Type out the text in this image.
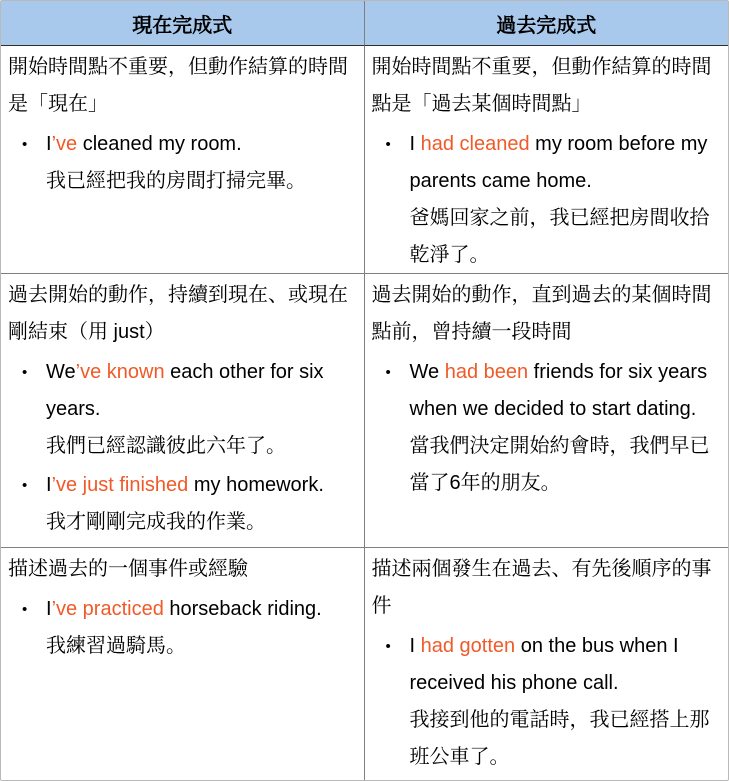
現在完成式	過去完成式
開始時間點不重要，但動作結算的時間是「現在」
• I’ve cleaned my room.
我已經把我的房間打掃完畢。
開始時間點不重要，但動作結算的時間點是「過去某個時間點」
• I had cleaned my room before my parents came home.
爸媽回家之前，我已經把房間收拾乾淨了。
過去開始的動作，持續到現在、或現在剛結束（用 just）
• We’ve known each other for six years.
我們已經認識彼此六年了。
• I’ve just finished my homework.
我才剛剛完成我的作業。
過去開始的動作，直到過去的某個時間點前，曾持續一段時間
• We had been friends for six years when we decided to start dating.
當我們決定開始約會時，我們早已當了6年的朋友。
描述過去的一個事件或經驗
• I’ve practiced horseback riding.
我練習過騎馬。
描述兩個發生在過去、有先後順序的事件
• I had gotten on the bus when I received his phone call.
我接到他的電話時，我已經搭上那班公車了。
